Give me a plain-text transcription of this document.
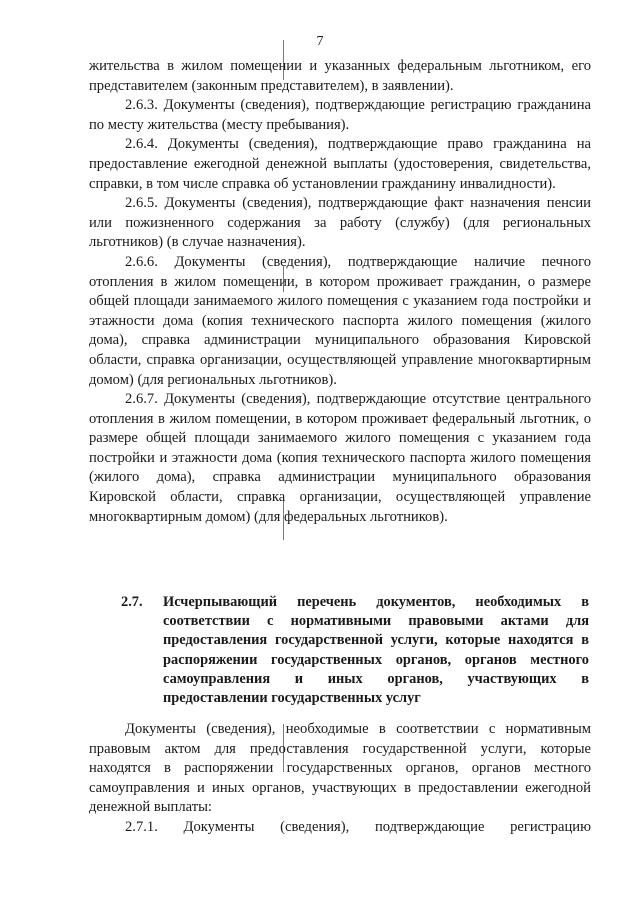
7

жительства в жилом помещении и указанных федеральным льготником, его представителем (законным представителем), в заявлении).

2.6.3. Документы (сведения), подтверждающие регистрацию гражданина по месту жительства (месту пребывания).

2.6.4. Документы (сведения), подтверждающие право гражданина на предоставление ежегодной денежной выплаты (удостоверения, свидетельства, справки, в том числе справка об установлении гражданину инвалидности).

2.6.5. Документы (сведения), подтверждающие факт назначения пенсии или пожизненного содержания за работу (службу) (для региональных льготников) (в случае назначения).

2.6.6. Документы (сведения), подтверждающие наличие печного отопления в жилом помещении, в котором проживает гражданин, о размере общей площади занимаемого жилого помещения с указанием года постройки и этажности дома (копия технического паспорта жилого помещения (жилого дома), справка администрации муниципального образования Кировской области, справка организации, осуществляющей управление многоквартирным домом) (для региональных льготников).

2.6.7. Документы (сведения), подтверждающие отсутствие центрального отопления в жилом помещении, в котором проживает федеральный льготник, о размере общей площади занимаемого жилого помещения с указанием года постройки и этажности дома (копия технического паспорта жилого помещения (жилого дома), справка администрации муниципального образования Кировской области, справка организации, осуществляющей управление многоквартирным домом) (для федеральных льготников).

2.7. Исчерпывающий перечень документов, необходимых в соответствии с нормативными правовыми актами для предоставления государственной услуги, которые находятся в распоряжении государственных органов, органов местного самоуправления и иных органов, участвующих в предоставлении государственных услуг

Документы (сведения), необходимые в соответствии с нормативным правовым актом для предоставления государственной услуги, которые находятся в распоряжении государственных органов, органов местного самоуправления и иных органов, участвующих в предоставлении ежегодной денежной выплаты:

2.7.1. Документы (сведения), подтверждающие регистрацию
